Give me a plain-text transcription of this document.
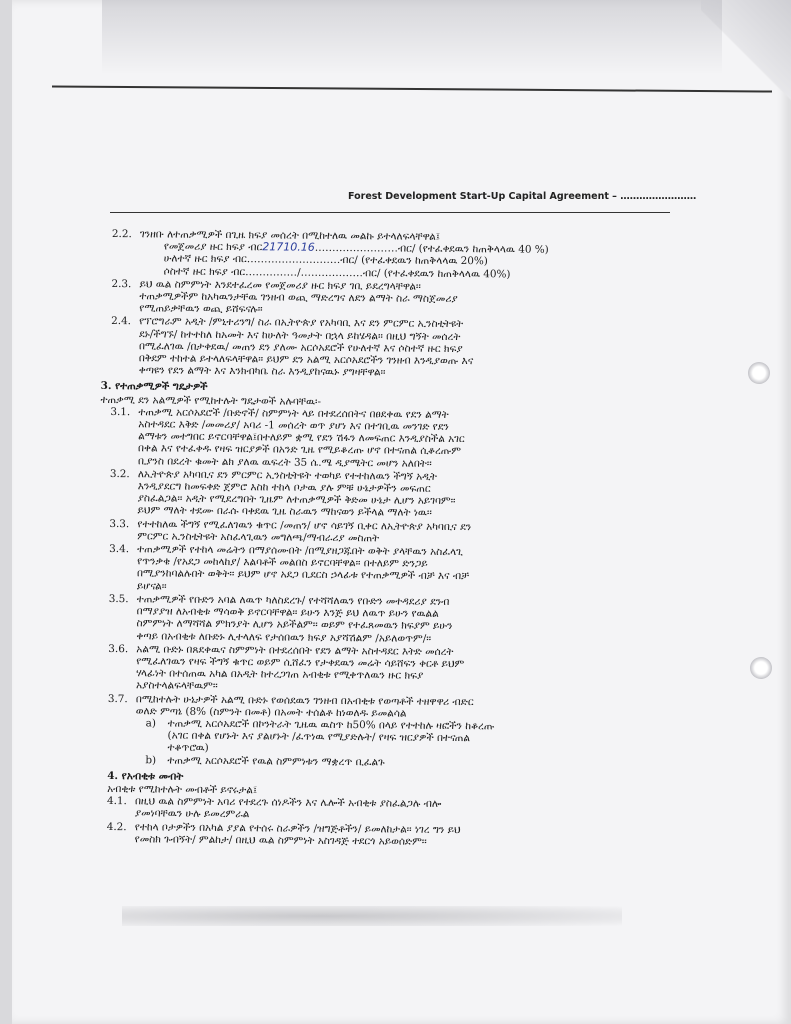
Forest Development Start-Up Capital Agreement – ……………………
2.2. ገንዘቡ ለተጠቃሚዎች በጊዜ ክፍያ መሰረት በሚከተለዉ መልኩ ይተላለፍላቸዋል፤
የመጀመሪያ ዙር ክፍያ ብር21710.16……………………ብር/ (የተፈቀደዉን ከጠቅላላዉ 40 %)
ሁለተኛ ዙር ክፍያ ብር………………………ብር/ (የተፈቀደዉን ከጠቅላላዉ 20%)
ሶስተኛ ዙር ክፍያ ብር……………/………………ብር/ (የተፈቀደዉን ከጠቅላላዉ 40%)
2.3. ይህ ዉል ስምምነት እንደተፈረመ የመጀመሪያ ዙር ክፍያ ገቢ ይደረግላቸዋል፡፡
ተጠቃሚዎችም ከአካዉንታቸዉ ገንዘብ ወጪ ማድረግና ለደን ልማት ስራ ማስጀመሪያ
የሚጠይቃቸዉን ወጪ ይሸፍናሉ፡፡
2.4. የፕሮግራም አዲት /ምኒተሪንግ/ ስራ በኢትዮጵያ የአካባቢ እና ደን ምርምር ኢንስቲትዩት
ደኑ/ችግኙ/ ከተተከለ ከአመት እና ከሁለት ዓመታት በኋላ ይከሄዳል፡፡ በዚህ ግኝት መሰረት
በሚፈለገዉ /በታቀደዉ/ መጠን ደን ያለሙ አርሶአደሮች የሁለተኛ እና ሶስተኛ ዙር ክፍያ
በቅደም ተከተል ይተላለፍላቸዋል፡፡ ይህም ደን አልሚ አርሶአደሮችን ገንዘብ እንዲያወጡ እና
ቀጣዩን የደን ልማት እና እንክብካቤ ስራ እንዲያከናዉኑ ያግዛቸዋል፡፡
3. የተጠቃሚዎች ግዴታዎች
ተጠቃሚ ደን አልሚዎች የሚከተሉት ግዴታወች አሉባቸዉ፡-
3.1. ተጠቃሚ አርሶአደሮች /ቡድኖች/ ስምምነት ላይ በተደረሰበትና በፀደቀዉ የደን ልማት
አስተዳደር እቅድ /መመሪያ/ አባሪ -1 መሰረት ወጥ ያሆነ እና በተገቢዉ መንገድ የደን
ልማቱን መተግበር ይኖርባቸዋል፤በተለይም ቋሚ የደን ሽፋን ለመፍጠር እንዲያስችል አገር
በቀል እና የተፈቀዱ የዛፍ ዝርያዎች በአንድ ጊዜ የሚይቆረጡ ሆኖ በተናጠል ሲቆረጡም
ቢያንስ በደረት ቁመት ልክ ያለዉ ዉፍረት 35 ሴ.ሜ ዲያሜትር መሆን አለበት፡፡
3.2. ለኢትዮጵያ አካባቢና ደን ምርምር ኢንስቲትዩት ተወካይ የተተከለዉን ችግኝ አዲት
እንዲያደርግ ከመፍቀድ ጀምሮ እስከ ተከላ ቦታዉ ያሉ ምቹ ሁኔታዎችን መፍጠር
ያስፈልጋል፡፡ አዲት የሚደረግበት ጊዜም ለተጠቃሚዎች ቅድመ ሁኔታ ሊሆን አይገባም፡፡
ይህም ማለት ተደሙ በራሱ ባቀደዉ ጊዜ ስራዉን ማከናወን ይችላል ማለት ነዉ፡፡
3.3. የተተከለዉ ችግኝ የሚፈለገዉን ቁጥር /መጠን/ ሆኖ ሳይገኝ ቢቀር ለኢትዮጵያ አካባቢና ደን
ምርምር ኢንስቲትዩት አስፈላጊዉን መግለጫ/ማብራሪያ መስጠት
3.4. ተጠቃሚዎች የተከላ መሬትን በማያሰሙበት /በሚያዘጋጁበት ወቅት ያላቸዉን አስፈላጊ
የጥንቃቄ /የአደጋ መከላከያ/ እልባቶች መልበስ ይኖርባቸዋል፡፡ በተለይም ድንጋይ
በሚያንከባልሉበት ወቅት፡፡ ይህም ሆኖ አደጋ ቢደርስ ኃላፊቱ የተጠቃሚዎች ብቻ እና ብቻ
ይሆናል፡፡
3.5. ተጠቃሚዎች የቡድን አባል ለዉጥ ካለስደረጉ/ የተሻሻለዉን የቡድን መተዳደሪያ ደንብ
በማያያዝ ለአብቂቱ ማሳወቅ ይኖርባቸዋል፡፡ ይሁን እንጅ ይህ ለዉጥ ይሁን የዉልል
ስምምነት ለማሻሻል ምክንያት ሊሆን አይችልም፡፡ ወይም የተፈጸመዉን ክፍያም ይሁን
ቀጣይ በአብቂቱ ለቡድኑ ሊተላለፍ የታሰበዉን ክፍያ አያሻሽልም /አይለወጥም/፡፡
3.6. አልሚ ቡድኑ በጸደቀዉና ስምምነት በተደረሰበት የደን ልማት አስተዳደር እትድ መሰረት
የሚፈለገዉን የዛፍ ችግኝ ቁጥር ወይም ሲሸፈን የታቀደዉን መሬት ሳይሸፍን ቀርቶ ይህም
ሃላፊነት በተሰጠዉ አካል በአዲት ከተረጋገጠ አብቂቱ የሚቀጥለዉን ዙር ክፍያ
አያስተላልፍላቸዉም፡፡
3.7. በሚከተሉት ሁኔታዎች አልሚ ቡድኑ የወሰደዉን ገንዘብ በአብቂቱ የወጣቶች ተዘዋዋሪ ብድር
ወለድ ምጣኔ (8% (ስምንት በመቶ) በአመት ተሰልቶ ከነወለዱ ይመልሳል
a)	ተጠቃሚ አርሶአደሮች በኮንትራት ጊዜዉ ዉስጥ ከ50% በላይ የተተከሉ ዛፎችን ከቆረጡ
(አገር በቀል የሆኑት እና ያልሆኑት /ፈጥነዉ የሚያድሉት/ የዛፍ ዝርያዎች በተናጠል
ተቆጥሮዉ)
b)	ተጠቃሚ አርሶአደሮች የዉል ስምምነቱን ማቋረጥ ቢፈልጉ
4. የአብቂቱ መብት
አብቂቱ የሚከተሉት መብቶች ይኖሩታል፤
4.1. በዚህ ዉል ስምምነት አባሪ የተደረጉ ሰነዶችን እና ሌሎች አብቂቱ ያስፈልጋሉ ብሎ
ያመነባቸዉን ሁሉ ይመረምራል
4.2. የተከላ ቦታዎችን በአካል ያያል የተሰሩ ስራዎችን /ዝግጅቶችን/ ይመለከታል፡፡ ነገረ ግን ይህ
የመስክ ጉብኝት/ ምልከታ/ በዚህ ዉል ስምምነት አስገዳጅ ተደርጎ አይወሰድም፡፡
